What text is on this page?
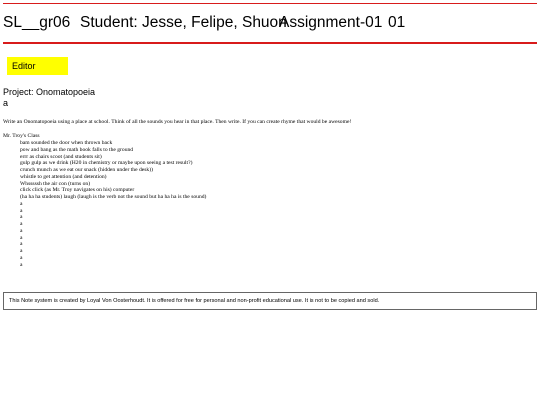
SL__gr06 Student: Jesse, Felipe, Shuon
Assignment-01 01
Editor
Project: Onomatopoeia
a
Write an Onomatopoeia using a place at school. Think of all the sounds you hear in that place. Then write. If you can create rhyme that would be awesome!
Mr. Troy's Class
bam sounded the door when thrown back
pow and bang as the math book falls to the ground
errr as chairs scoot (and students sit)
gulp gulp as we drink (H20 in chemistry or maybe upon seeing a test result?)
crunch munch as we eat our snack (hidden under the desk))
whistle to get attention (and detention)
Whsssssh the air con (turns on)
click click (as Mr. Troy navigates on his) computer
(ha ha ha students) laugh (laugh is the verb not the sound but ha ha ha is the sound)
a
a
a
a
a
a
a
a
a
a
This Note system is created by Loyal Von Oosterhoudt. It is offered for free for personal and non-profit educational use. It is not to be copied and sold.
